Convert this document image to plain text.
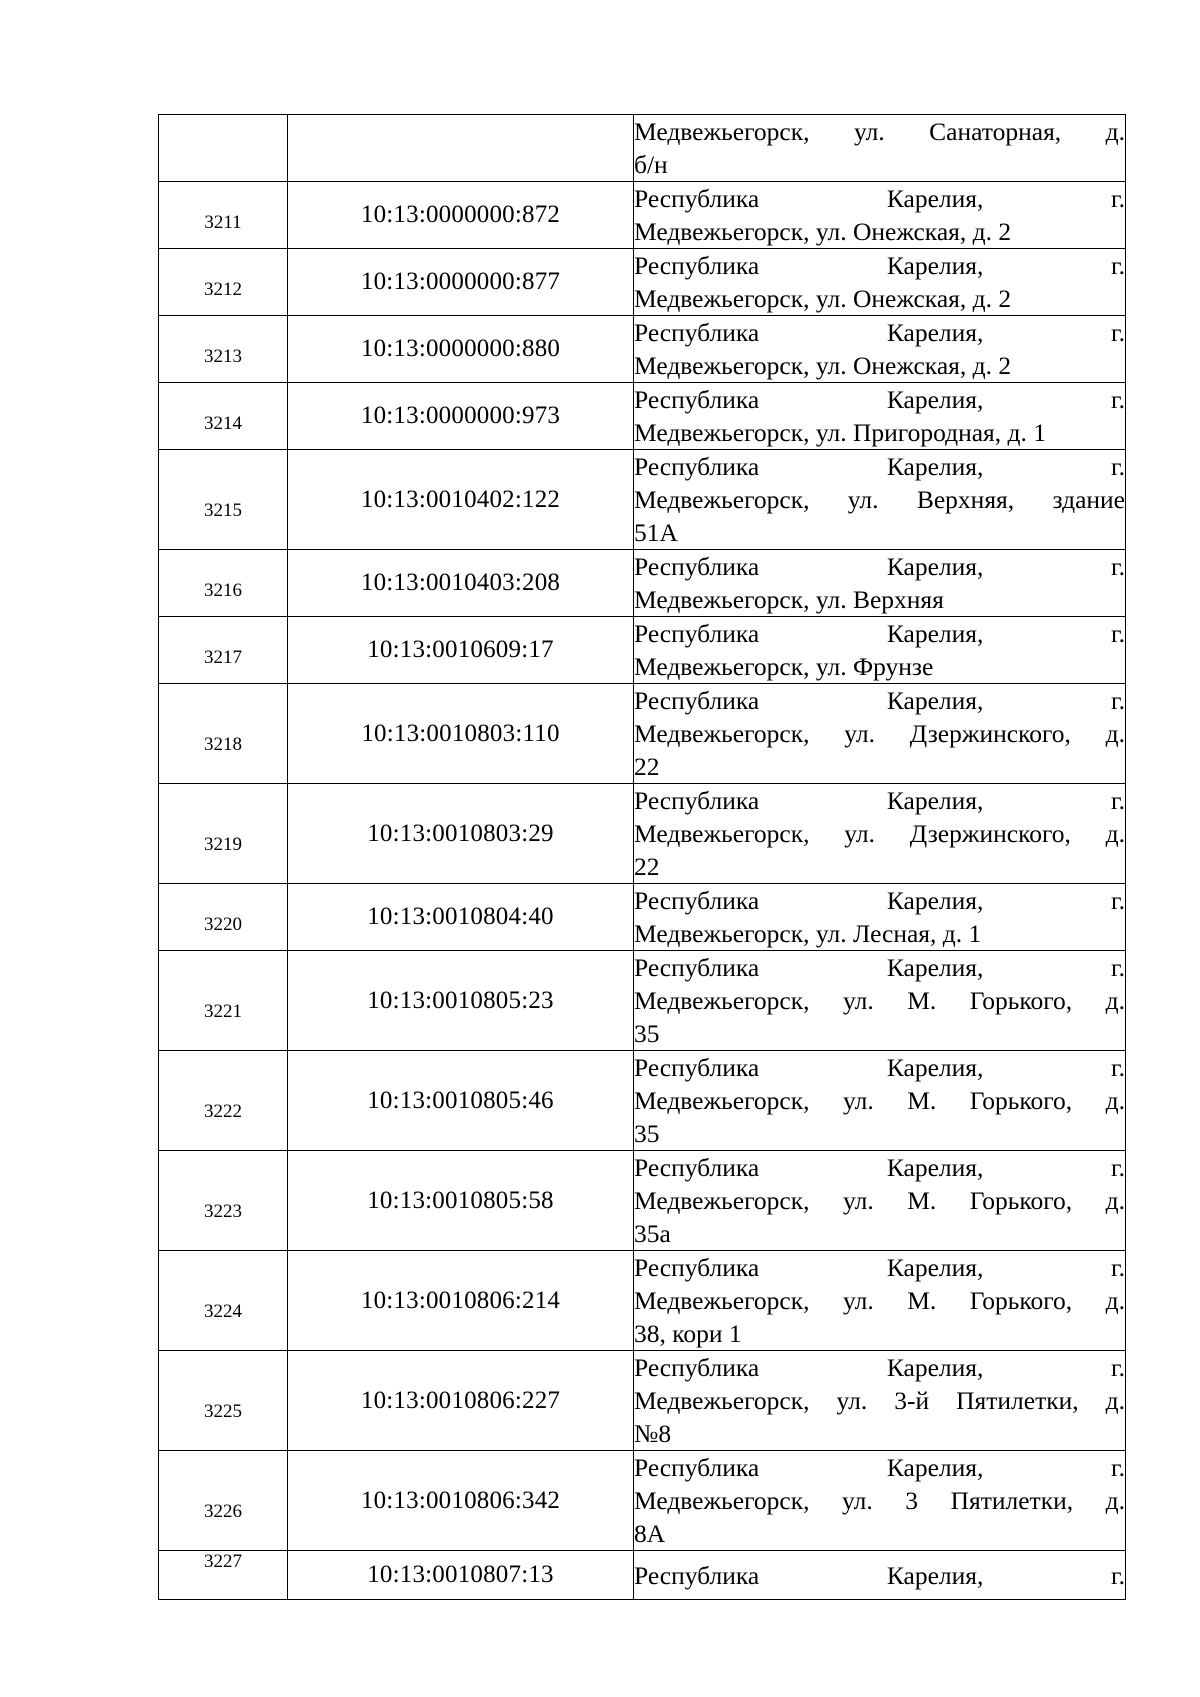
		Медвежьегорск, ул. Санаторная, д.
б/н

3211	10:13:0000000:872	Республика Карелия, г.
Медвежьегорск, ул. Онежская, д. 2

3212	10:13:0000000:877	Республика Карелия, г.
Медвежьегорск, ул. Онежская, д. 2

3213	10:13:0000000:880	Республика Карелия, г.
Медвежьегорск, ул. Онежская, д. 2

3214	10:13:0000000:973	Республика Карелия, г.
Медвежьегорск, ул. Пригородная, д. 1

3215	10:13:0010402:122	Республика Карелия, г.
Медвежьегорск, ул. Верхняя, здание
51А

3216	10:13:0010403:208	Республика Карелия, г.
Медвежьегорск, ул. Верхняя

3217	10:13:0010609:17	Республика Карелия, г.
Медвежьегорск, ул. Фрунзе

3218	10:13:0010803:110	Республика Карелия, г.
Медвежьегорск, ул. Дзержинского, д.
22

3219	10:13:0010803:29	Республика Карелия, г.
Медвежьегорск, ул. Дзержинского, д.
22

3220	10:13:0010804:40	Республика Карелия, г.
Медвежьегорск, ул. Лесная, д. 1

3221	10:13:0010805:23	Республика Карелия, г.
Медвежьегорск, ул. М. Горького, д.
35

3222	10:13:0010805:46	Республика Карелия, г.
Медвежьегорск, ул. М. Горького, д.
35

3223	10:13:0010805:58	Республика Карелия, г.
Медвежьегорск, ул. М. Горького, д.
35а

3224	10:13:0010806:214	Республика Карелия, г.
Медвежьегорск, ул. М. Горького, д.
38, кори 1

3225	10:13:0010806:227	Республика Карелия, г.
Медвежьегорск, ул. 3-й Пятилетки, д.
№8

3226	10:13:0010806:342	Республика Карелия, г.
Медвежьегорск, ул. 3 Пятилетки, д.
8А

3227	10:13:0010807:13	Республика Карелия, г.
